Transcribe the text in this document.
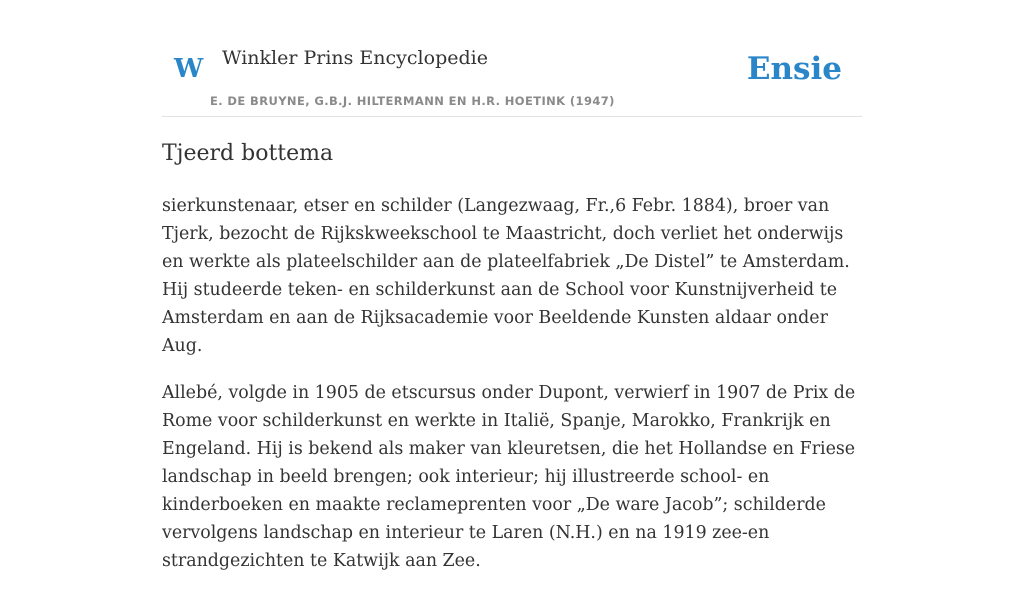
W Winkler Prins Encyclopedie
E. DE BRUYNE, G.B.J. HILTERMANN EN H.R. HOETINK (1947)
Ensie
Tjeerd bottema

sierkunstenaar, etser en schilder (Langezwaag, Fr.,6 Febr. 1884), broer van Tjerk, bezocht de Rijkskweekschool te Maastricht, doch verliet het onderwijs en werkte als plateelschilder aan de plateelfabriek „De Distel” te Amsterdam. Hij studeerde teken- en schilderkunst aan de School voor Kunstnijverheid te Amsterdam en aan de Rijksacademie voor Beeldende Kunsten aldaar onder Aug.

Allebé, volgde in 1905 de etscursus onder Dupont, verwierf in 1907 de Prix de Rome voor schilderkunst en werkte in Italië, Spanje, Marokko, Frankrijk en Engeland. Hij is bekend als maker van kleuretsen, die het Hollandse en Friese landschap in beeld brengen; ook interieur; hij illustreerde school- en kinderboeken en maakte reclameprenten voor „De ware Jacob”; schilderde vervolgens landschap en interieur te Laren (N.H.) en na 1919 zee-en strandgezichten te Katwijk aan Zee.
